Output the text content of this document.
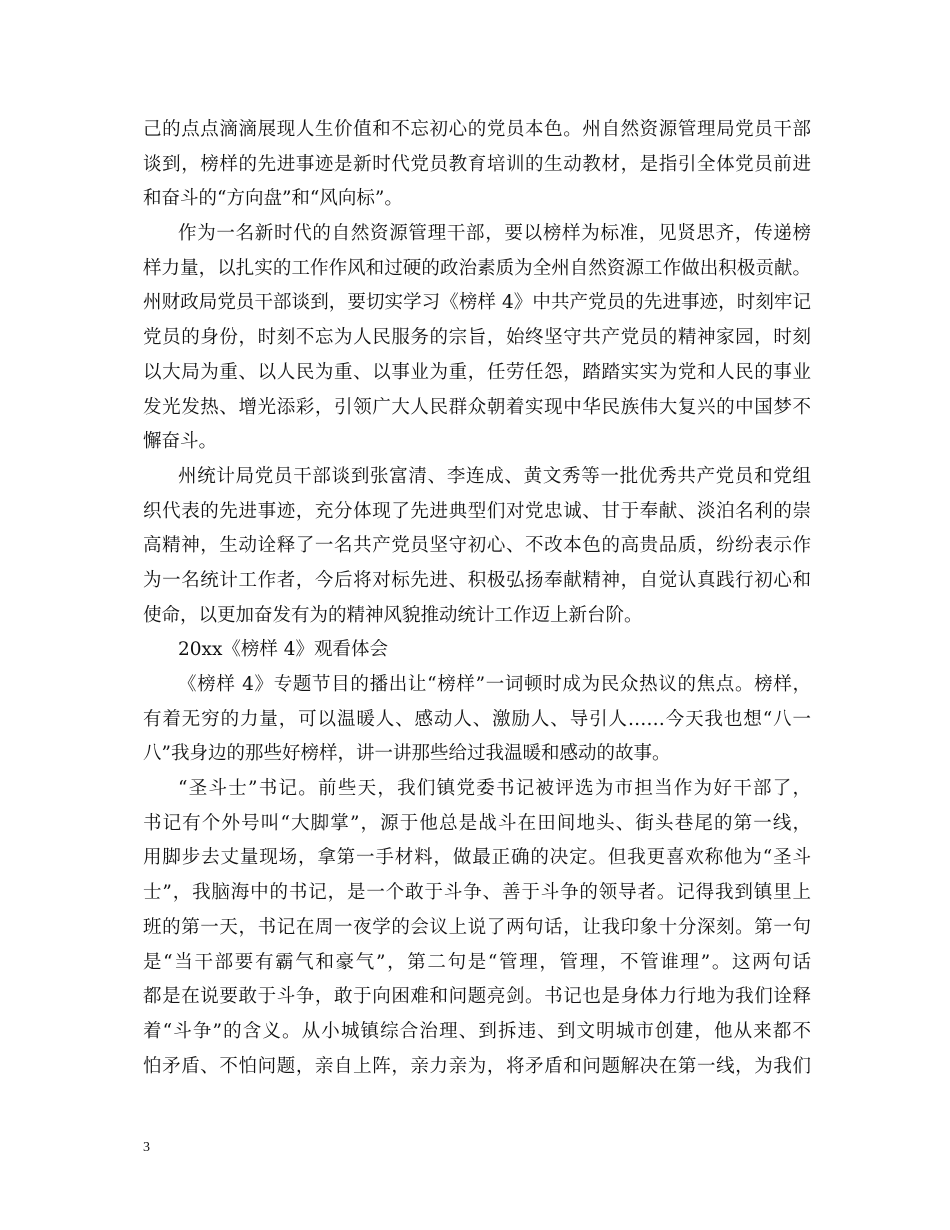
己的点点滴滴展现人生价值和不忘初心的党员本色。州自然资源管理局党员干部
谈到，榜样的先进事迹是新时代党员教育培训的生动教材，是指引全体党员前进
和奋斗的“方向盘”和“风向标”。
作为一名新时代的自然资源管理干部，要以榜样为标准，见贤思齐，传递榜
样力量，以扎实的工作作风和过硬的政治素质为全州自然资源工作做出积极贡献。
州财政局党员干部谈到，要切实学习《榜样 4》中共产党员的先进事迹，时刻牢记
党员的身份，时刻不忘为人民服务的宗旨，始终坚守共产党员的精神家园，时刻
以大局为重、以人民为重、以事业为重，任劳任怨，踏踏实实为党和人民的事业
发光发热、增光添彩，引领广大人民群众朝着实现中华民族伟大复兴的中国梦不
懈奋斗。
州统计局党员干部谈到张富清、李连成、黄文秀等一批优秀共产党员和党组
织代表的先进事迹，充分体现了先进典型们对党忠诚、甘于奉献、淡泊名利的崇
高精神，生动诠释了一名共产党员坚守初心、不改本色的高贵品质，纷纷表示作
为一名统计工作者，今后将对标先进、积极弘扬奉献精神，自觉认真践行初心和
使命，以更加奋发有为的精神风貌推动统计工作迈上新台阶。
20xx《榜样 4》观看体会
《榜样 4》专题节目的播出让“榜样”一词顿时成为民众热议的焦点。榜样，
有着无穷的力量，可以温暖人、感动人、激励人、导引人……今天我也想“八一
八”我身边的那些好榜样，讲一讲那些给过我温暖和感动的故事。
“圣斗士”书记。前些天，我们镇党委书记被评选为市担当作为好干部了，
书记有个外号叫“大脚掌”，源于他总是战斗在田间地头、街头巷尾的第一线，
用脚步去丈量现场，拿第一手材料，做最正确的决定。但我更喜欢称他为“圣斗
士”，我脑海中的书记，是一个敢于斗争、善于斗争的领导者。记得我到镇里上
班的第一天，书记在周一夜学的会议上说了两句话，让我印象十分深刻。第一句
是“当干部要有霸气和豪气”，第二句是“管理，管理，不管谁理”。这两句话
都是在说要敢于斗争，敢于向困难和问题亮剑。书记也是身体力行地为我们诠释
着“斗争”的含义。从小城镇综合治理、到拆违、到文明城市创建，他从来都不
怕矛盾、不怕问题，亲自上阵，亲力亲为，将矛盾和问题解决在第一线，为我们
3
